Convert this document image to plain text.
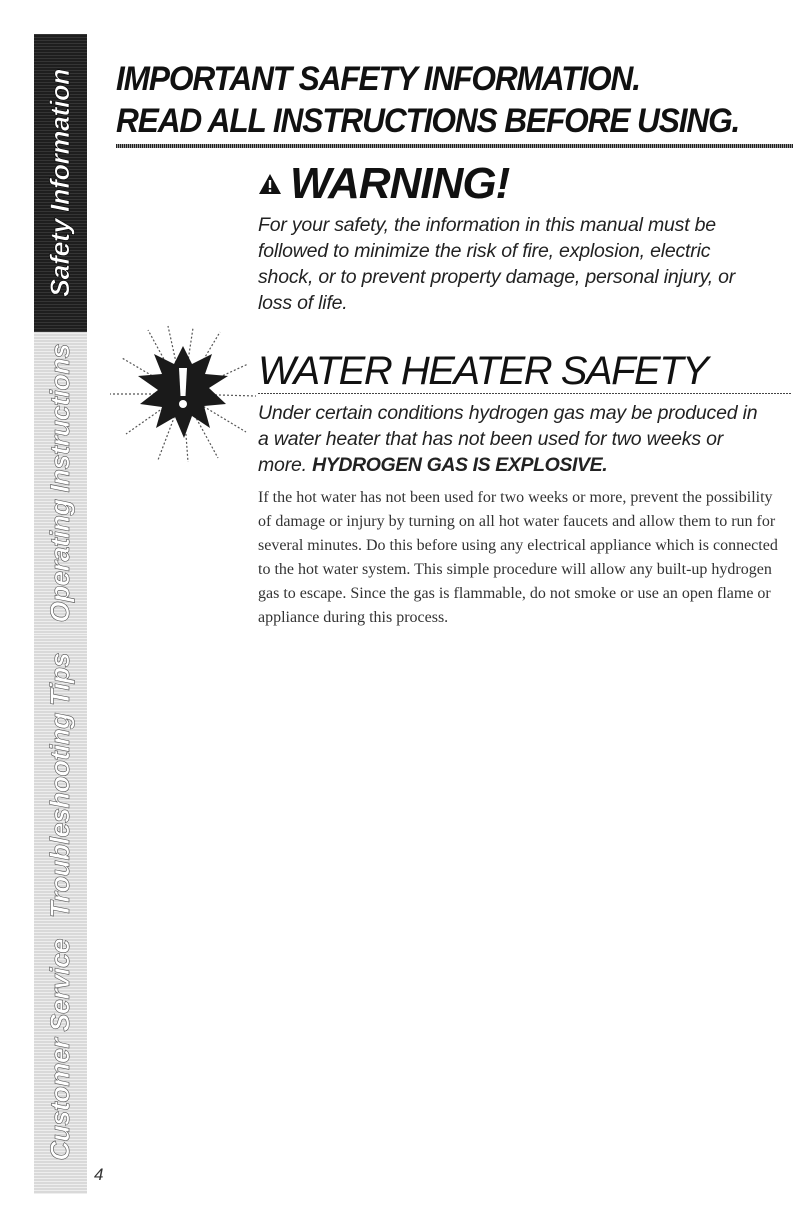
Safety Information
Operating Instructions
Troubleshooting Tips
Customer Service
4
IMPORTANT SAFETY INFORMATION.
READ ALL INSTRUCTIONS BEFORE USING.
WARNING!
For your safety, the information in this manual must be followed to minimize the risk of fire, explosion, electric shock, or to prevent property damage, personal injury, or loss of life.
WATER HEATER SAFETY

Under certain conditions hydrogen gas may be produced in a water heater that has not been used for two weeks or more. HYDROGEN GAS IS EXPLOSIVE.

If the hot water has not been used for two weeks or more, prevent the possibility of damage or injury by turning on all hot water faucets and allow them to run for several minutes. Do this before using any electrical appliance which is connected to the hot water system. This simple procedure will allow any built-up hydrogen gas to escape. Since the gas is flammable, do not smoke or use an open flame or appliance during this process.
